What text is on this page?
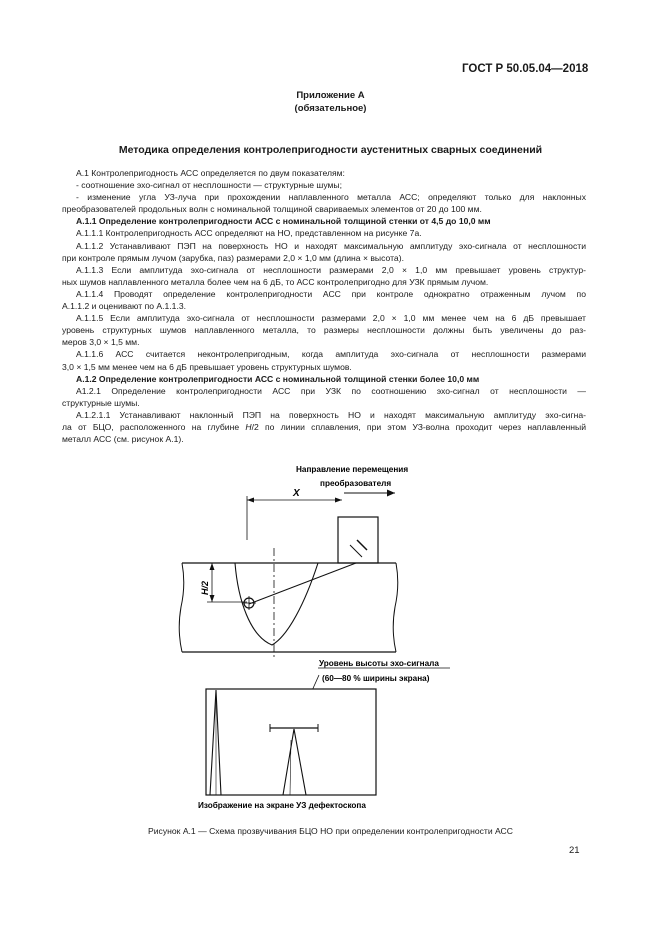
ГОСТ Р 50.05.04—2018
Приложение А
(обязательное)
Методика определения контролепригодности аустенитных сварных соединений

А.1 Контролепригодность АСС определяется по двум показателям:

- соотношение эхо-сигнал от несплошности — структурные шумы;

- изменение угла УЗ-луча при прохождении наплавленного металла АСС; определяют только для наклонных

преобразователей продольных волн с номинальной толщиной свариваемых элементов от 20 до 100 мм.

А.1.1 Определение контролепригодности АСС с номинальной толщиной стенки от 4,5 до 10,0 мм

А.1.1.1 Контролепригодность АСС определяют на НО, представленном на рисунке 7а.

А.1.1.2 Устанавливают ПЭП на поверхность НО и находят максимальную амплитуду эхо-сигнала от несплошности

при контроле прямым лучом (зарубка, паз) размерами 2,0 × 1,0 мм (длина × высота).

А.1.1.3 Если амплитуда эхо-сигнала от несплошности размерами 2,0 × 1,0 мм превышает уровень структур-

ных шумов наплавленного металла более чем на 6 дБ, то АСС контролепригодно для УЗК прямым лучом.

А.1.1.4 Проводят определение контролепригодности АСС при контроле однократно отраженным лучом по

А.1.1.2 и оценивают по А.1.1.3.

А.1.1.5 Если амплитуда эхо-сигнала от несплошности размерами 2,0 × 1,0 мм менее чем на 6 дБ превышает

уровень структурных шумов наплавленного металла, то размеры несплошности должны быть увеличены до раз-

меров 3,0 × 1,5 мм.

А.1.1.6 АСС считается неконтролепригодным, когда амплитуда эхо-сигнала от несплошности размерами

3,0 × 1,5 мм менее чем на 6 дБ превышает уровень структурных шумов.

А.1.2 Определение контролепригодности АСС с номинальной толщиной стенки более 10,0 мм

А1.2.1 Определение контролепригодности АСС при УЗК по соотношению эхо-сигнал от несплошности —

структурные шумы.

А.1.2.1.1 Устанавливают наклонный ПЭП на поверхность НО и находят максимальную амплитуду эхо-сигна-

ла от БЦО, расположенного на глубине H/2 по линии сплавления, при этом УЗ-волна проходит через наплавленный

металл АСС (см. рисунок А.1).

Направление перемещения
преобразователя
X
H/2
Уровень высоты эхо-сигнала
(60—80 % ширины экрана)
Изображение на экране УЗ дефектоскопа
Рисунок А.1 — Схема прозвучивания БЦО НО при определении контролепригодности АСС
21
